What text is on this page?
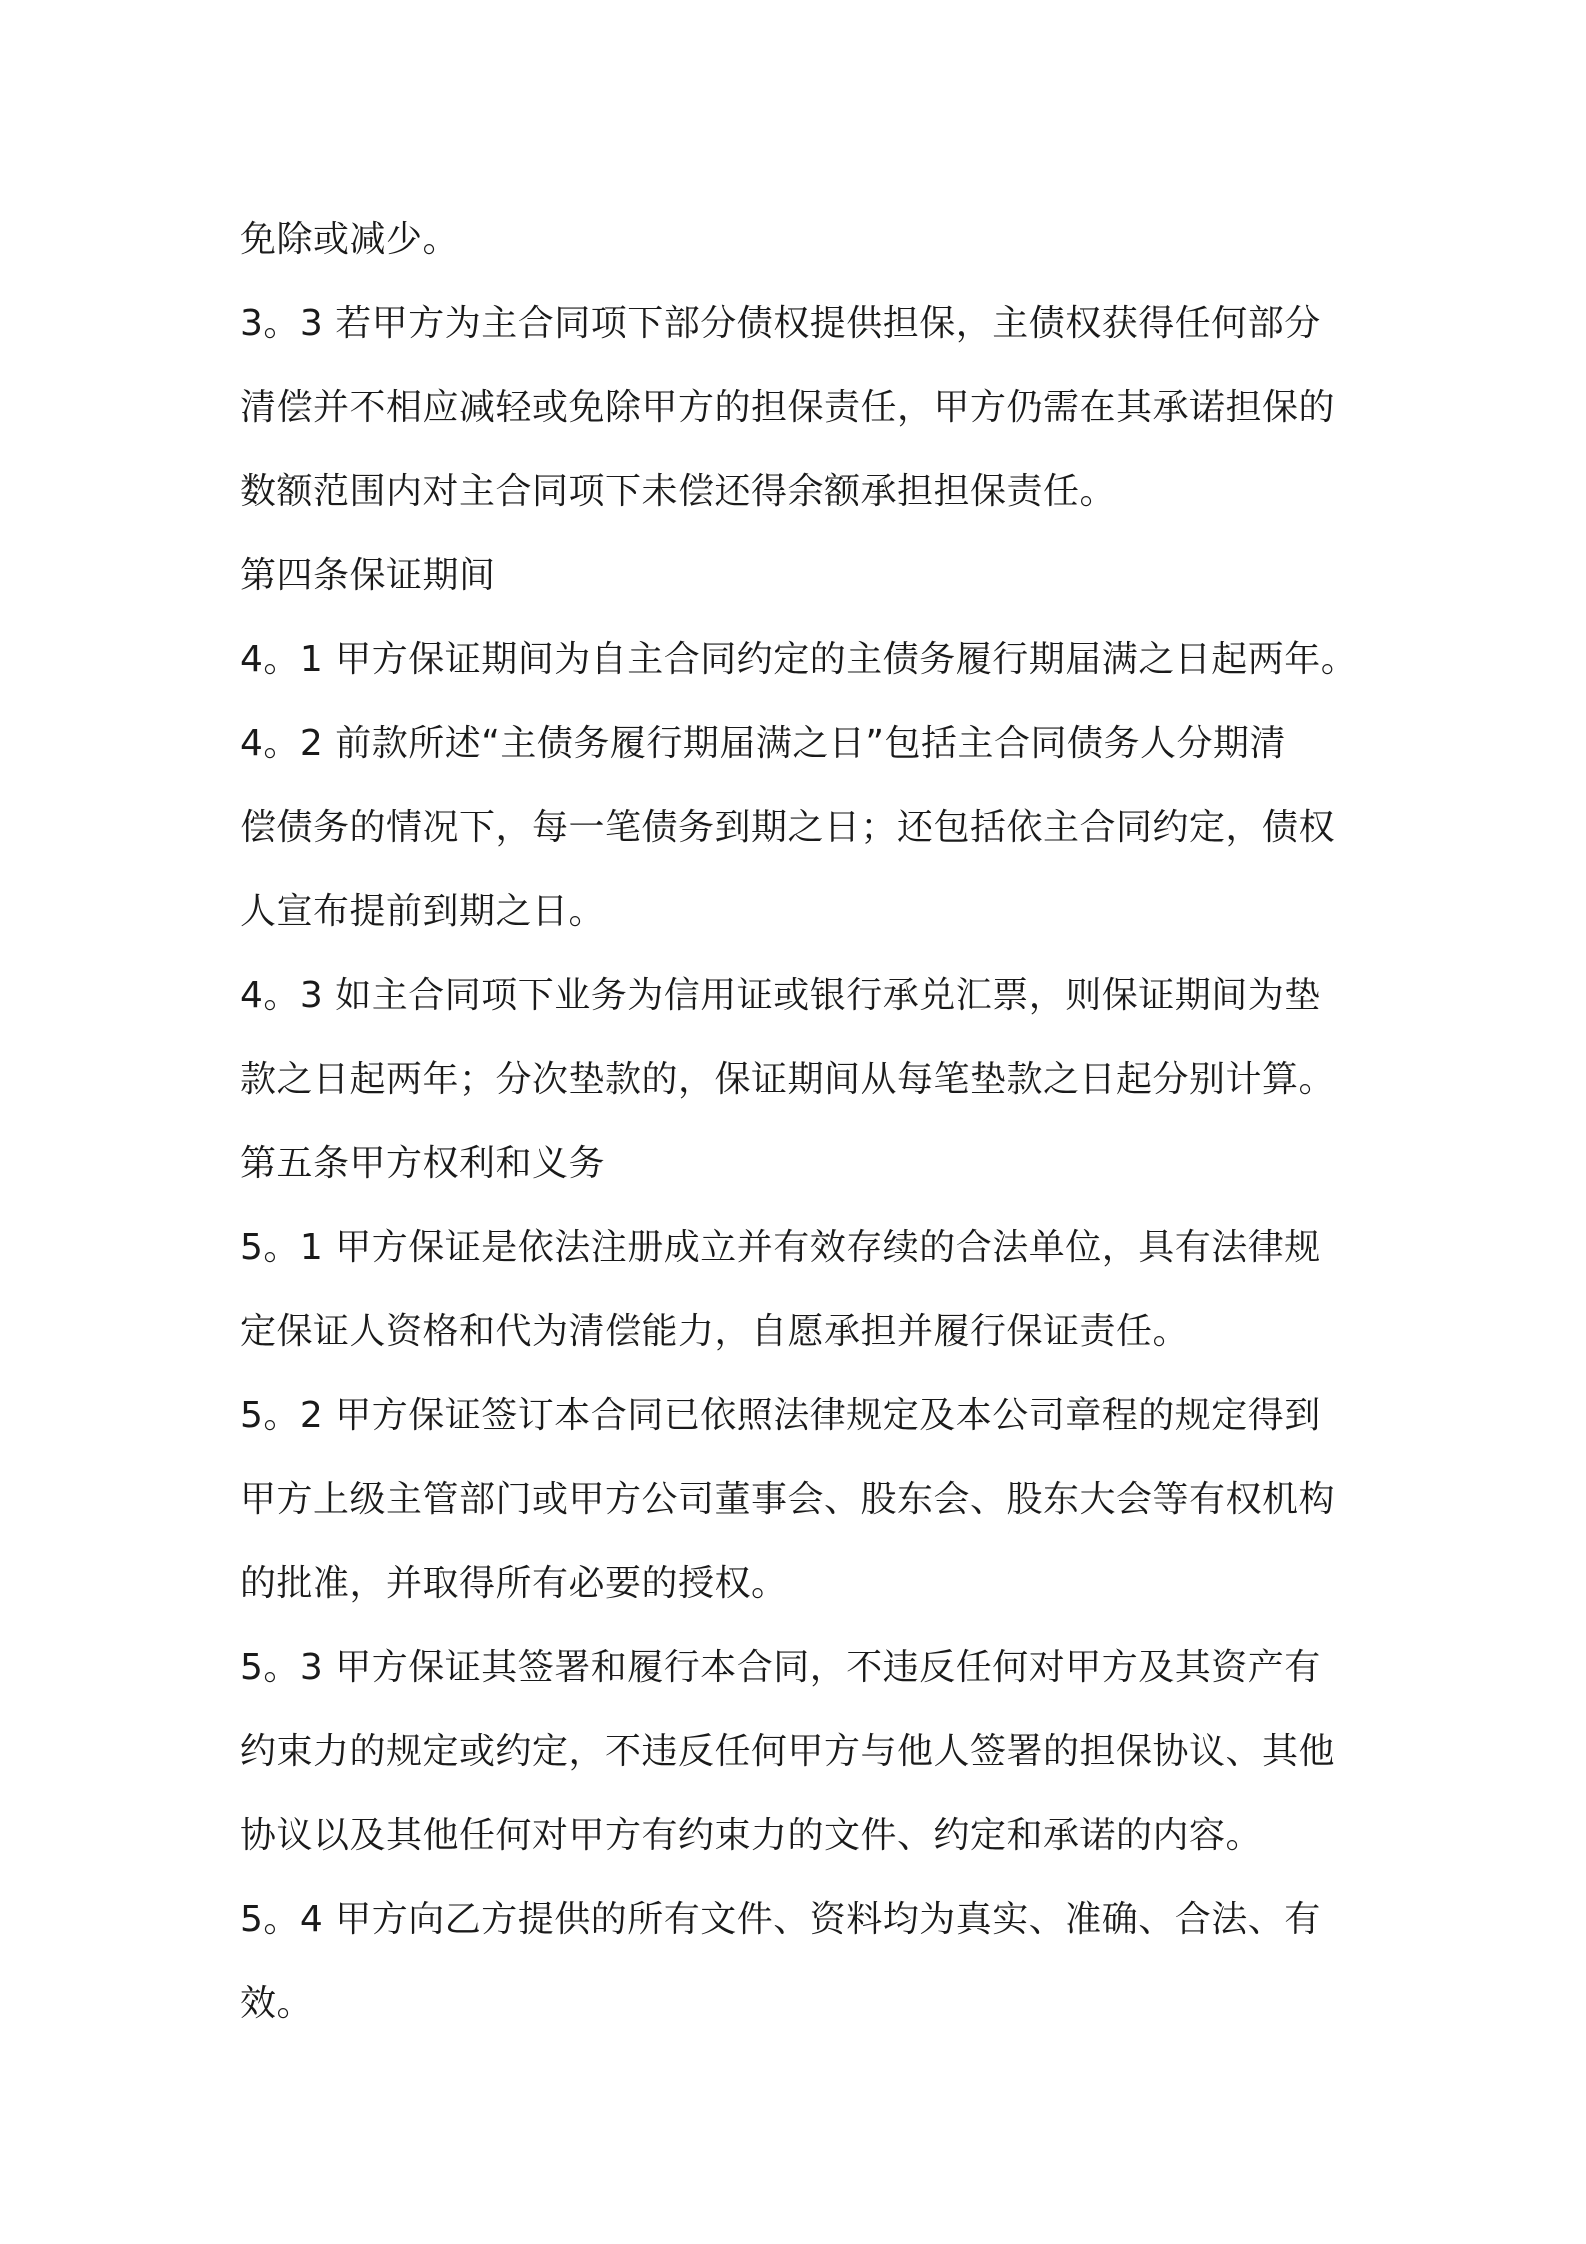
免除或减少。
3。3 若甲方为主合同项下部分债权提供担保，主债权获得任何部分
清偿并不相应减轻或免除甲方的担保责任，甲方仍需在其承诺担保的
数额范围内对主合同项下未偿还得余额承担担保责任。
第四条保证期间
4。1 甲方保证期间为自主合同约定的主债务履行期届满之日起两年。
4。2 前款所述“主债务履行期届满之日”包括主合同债务人分期清
偿债务的情况下，每一笔债务到期之日；还包括依主合同约定，债权
人宣布提前到期之日。
4。3 如主合同项下业务为信用证或银行承兑汇票，则保证期间为垫
款之日起两年；分次垫款的，保证期间从每笔垫款之日起分别计算。
第五条甲方权利和义务
5。1 甲方保证是依法注册成立并有效存续的合法单位，具有法律规
定保证人资格和代为清偿能力，自愿承担并履行保证责任。
5。2 甲方保证签订本合同已依照法律规定及本公司章程的规定得到
甲方上级主管部门或甲方公司董事会、股东会、股东大会等有权机构
的批准，并取得所有必要的授权。
5。3 甲方保证其签署和履行本合同，不违反任何对甲方及其资产有
约束力的规定或约定，不违反任何甲方与他人签署的担保协议、其他
协议以及其他任何对甲方有约束力的文件、约定和承诺的内容。
5。4 甲方向乙方提供的所有文件、资料均为真实、准确、合法、有
效。
